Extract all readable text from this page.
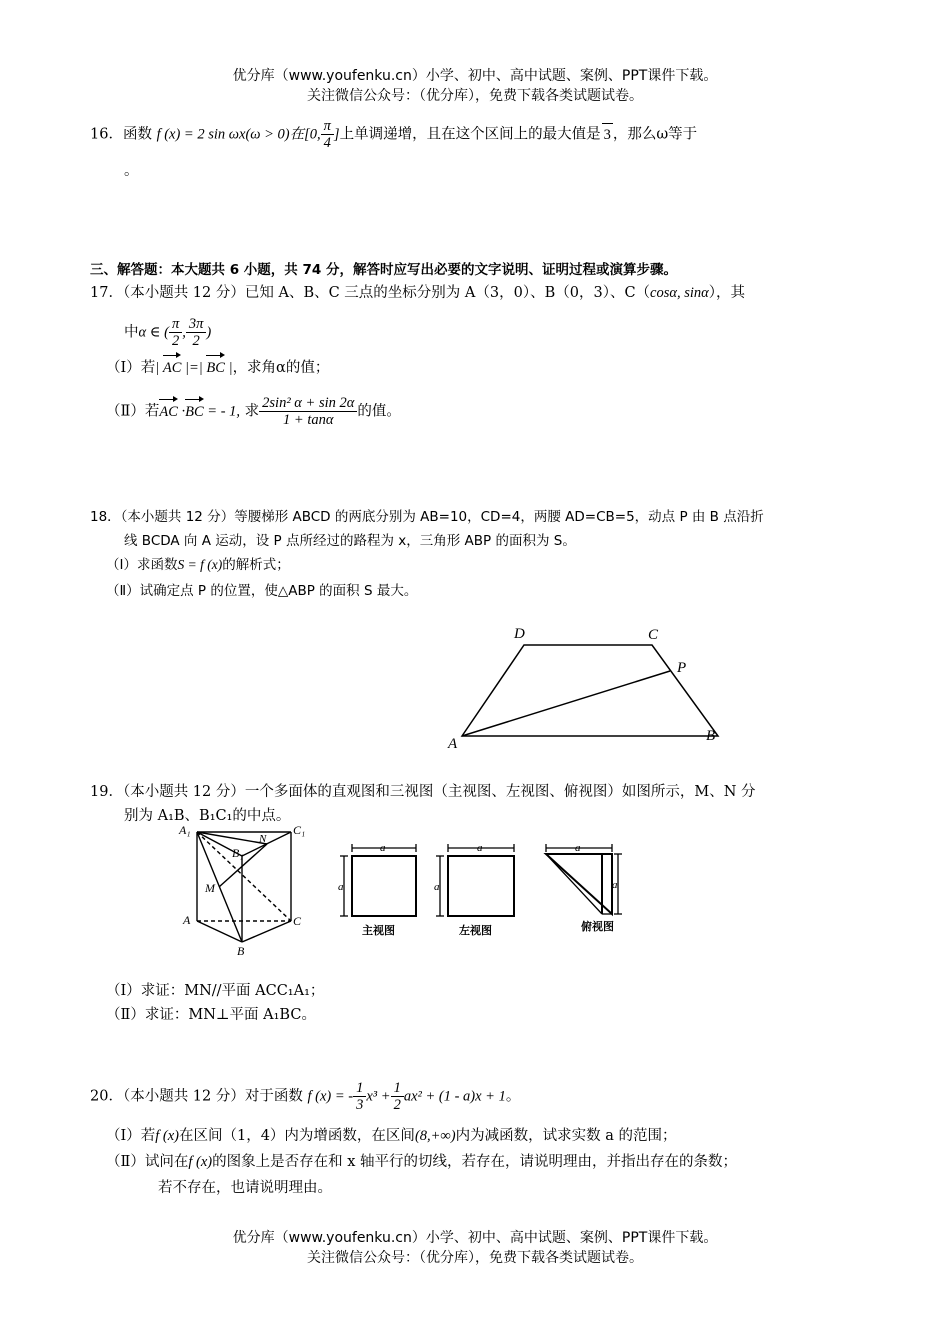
优分库（www.youfenku.cn）小学、初中、高中试题、案例、PPT课件下载。
关注微信公众号：（优分库），免费下载各类试题试卷。
16．函数 f (x) = 2 sin ωx(ω > 0)在[0, $\frac{\pi}{4}$ ]上单调递增，且在这个区间上的最大值是 3 ，那么ω等于
。
三、解答题：本大题共 6 小题，共 74 分，解答时应写出必要的文字说明、证明过程或演算步骤。
17．（本小题共 12 分）已知 A、B、C 三点的坐标分别为 A（3，0）、B（0，3）、C（cosα, sinα），其
中α ∈ ( $\frac{\pi}{2}$ , $\frac{3\pi}{2}$ )
（Ⅰ）若| AC |=| BC |，求角α的值；
（Ⅱ）若AC ·BC = - 1, 求 $\frac{\text{2sin² α + sin 2α}}{1 + \tan\alpha}$ 的值。
18．（本小题共 12 分）等腰梯形 ABCD 的两底分别为 AB=10，CD=4，两腰 AD=CB=5，动点 P 由 B 点沿折
线 BCDA 向 A 运动，设 P 点所经过的路程为 x，三角形 ABP 的面积为 S。
（Ⅰ）求函数S = f (x)的解析式；
（Ⅱ）试确定点 P 的位置，使△ABP 的面积 S 最大。
A	B
C
D
P
19．（本小题共 12 分）一个多面体的直观图和三视图（主视图、左视图、俯视图）如图所示，M、N 分
别为 A₁B、B₁C₁的中点。
A₁	C₁
B₁
N
M
A	C
B
a
a
主视图
a
a
左视图
a
a
俯视图
（Ⅰ）求证：MN//平面 ACC₁A₁；
（Ⅱ）求证：MN⊥平面 A₁BC。
20．（本小题共 12 分）对于函数 f (x) = - $\frac{1}{3} x^3 + \frac{1}{2} ax^2 + (1 - a)x + 1$。
（Ⅰ）若f (x)在区间（1，4）内为增函数，在区间(8,+∞)内为减函数，试求实数 a 的范围；
（Ⅱ）试问在f (x)的图象上是否存在和 x 轴平行的切线，若存在，请说明理由，并指出存在的条数；
若不存在，也请说明理由。
优分库（www.youfenku.cn）小学、初中、高中试题、案例、PPT课件下载。
关注微信公众号：（优分库），免费下载各类试题试卷。
